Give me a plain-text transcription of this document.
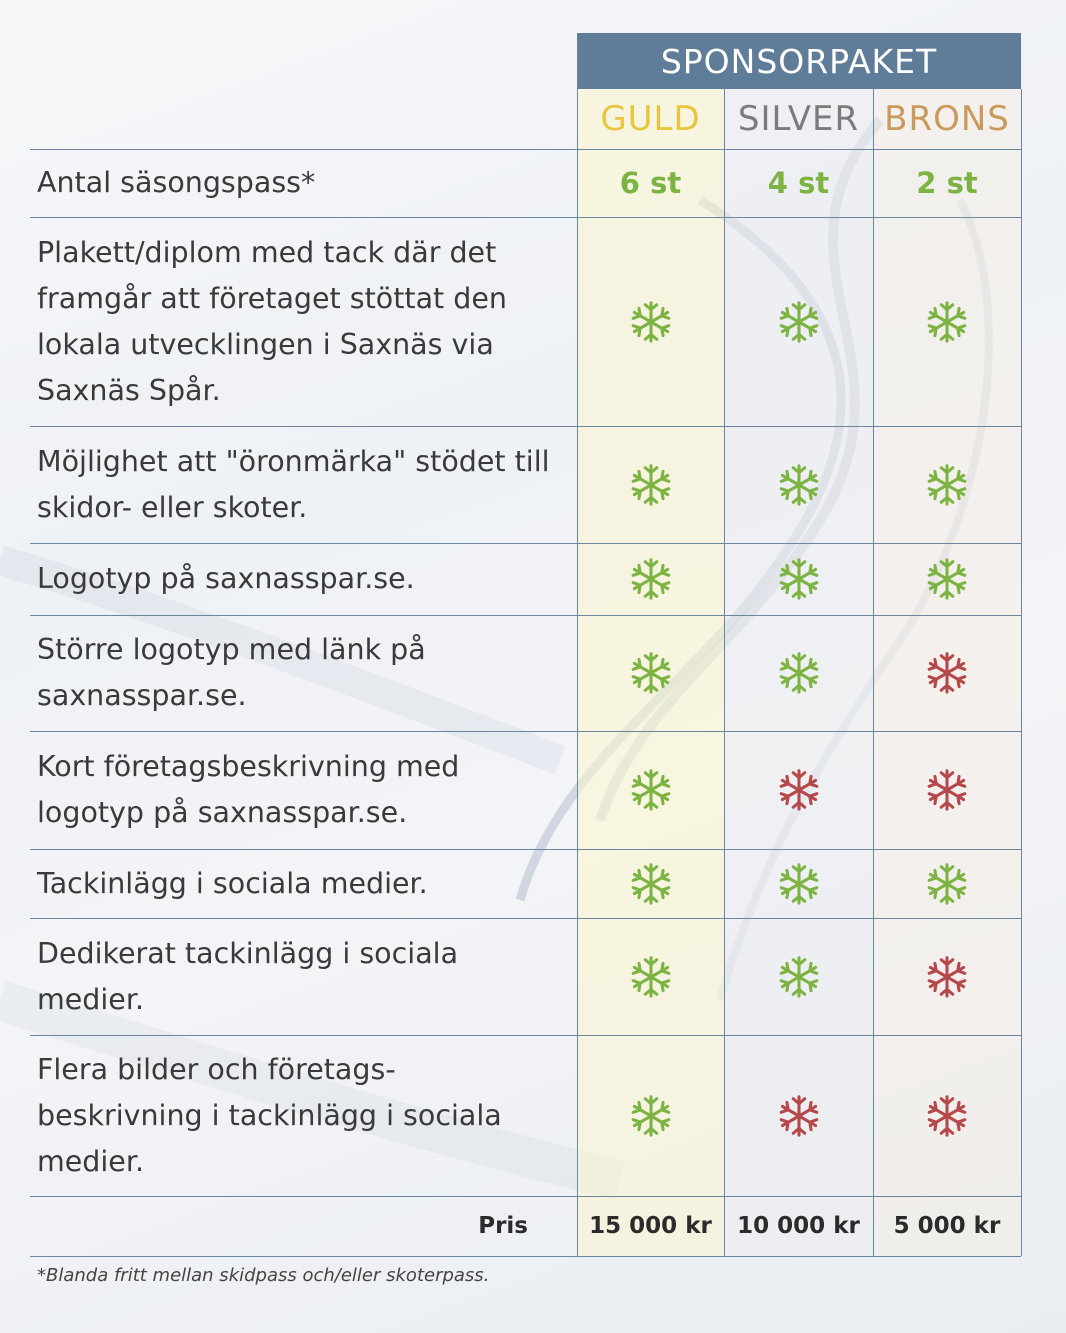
SPONSORPAKET
GULD	SILVER BRONS
Antal säsongspass*	6 st	4 st	2 st
Plakett/diplom med tack där det framgår att företaget stöttat den lokala utvecklingen i Saxnäs via Saxnäs Spår.
Möjlighet att "öronmärka" stödet till skidor- eller skoter.
Logotyp på saxnasspar.se.
Större logotyp med länk på saxnasspar.se.
Kort företagsbeskrivning med logotyp på saxnasspar.se.
Tackinlägg i sociala medier.
Dedikerat tackinlägg i sociala medier.
Flera bilder och företags-beskrivning i tackinlägg i sociala medier.
Pris	15 000 kr	10 000 kr	5 000 kr
*Blanda fritt mellan skidpass och/eller skoterpass.
